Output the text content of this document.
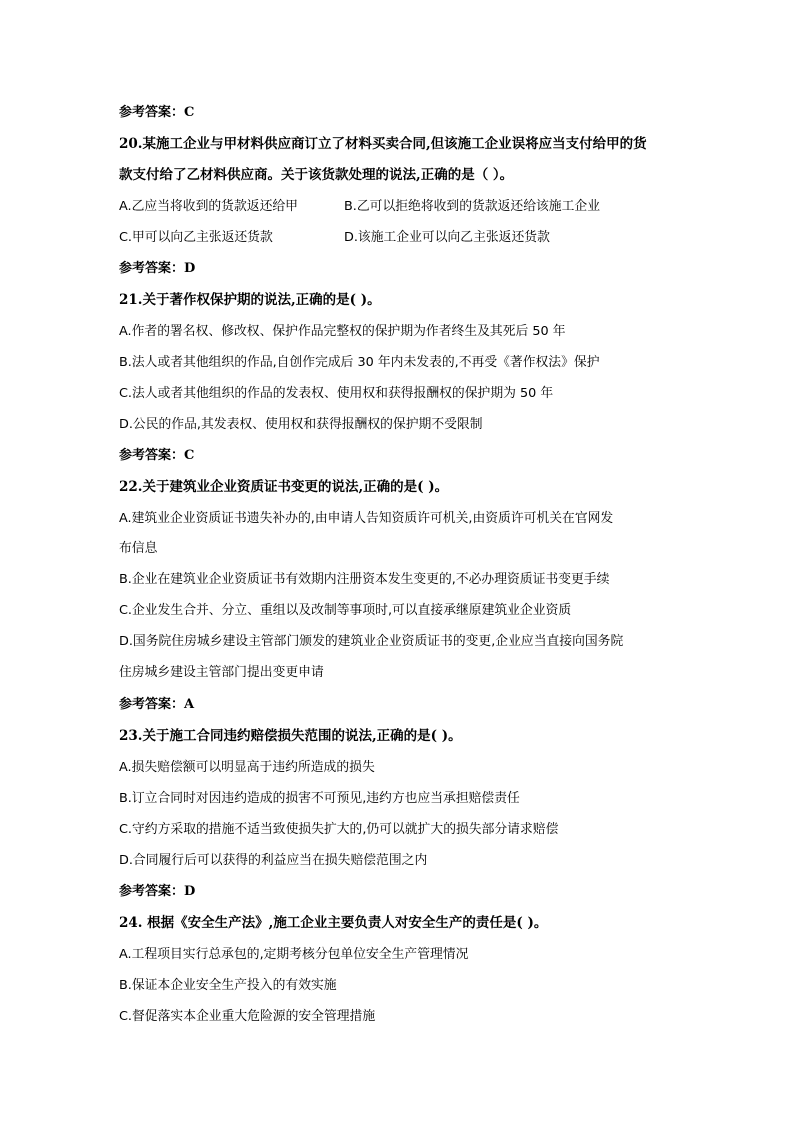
参考答案：C
20.某施工企业与甲材料供应商订立了材料买卖合同,但该施工企业误将应当支付给甲的货
款支付给了乙材料供应商。关于该货款处理的说法,正确的是（ ）。
A.乙应当将收到的货款返还给甲	B.乙可以拒绝将收到的货款返还给该施工企业
C.甲可以向乙主张返还货款	D.该施工企业可以向乙主张返还货款
参考答案：D
21.关于著作权保护期的说法,正确的是( )。
A.作者的署名权、修改权、保护作品完整权的保护期为作者终生及其死后 50 年
B.法人或者其他组织的作品,自创作完成后 30 年内未发表的,不再受《著作权法》保护
C.法人或者其他组织的作品的发表权、使用权和获得报酬权的保护期为 50 年
D.公民的作品,其发表权、使用权和获得报酬权的保护期不受限制
参考答案：C
22.关于建筑业企业资质证书变更的说法,正确的是( )。
A.建筑业企业资质证书遗失补办的,由申请人告知资质许可机关,由资质许可机关在官网发
布信息
B.企业在建筑业企业资质证书有效期内注册资本发生变更的,不必办理资质证书变更手续
C.企业发生合并、分立、重组以及改制等事项时,可以直接承继原建筑业企业资质
D.国务院住房城乡建设主管部门颁发的建筑业企业资质证书的变更,企业应当直接向国务院
住房城乡建设主管部门提出变更申请
参考答案：A
23.关于施工合同违约赔偿损失范围的说法,正确的是( )。
A.损失赔偿额可以明显高于违约所造成的损失
B.订立合同时对因违约造成的损害不可预见,违约方也应当承担赔偿责任
C.守约方采取的措施不适当致使损失扩大的,仍可以就扩大的损失部分请求赔偿
D.合同履行后可以获得的利益应当在损失赔偿范围之内
参考答案：D
24. 根据《安全生产法》,施工企业主要负责人对安全生产的责任是( )。
A.工程项目实行总承包的,定期考核分包单位安全生产管理情况
B.保证本企业安全生产投入的有效实施
C.督促落实本企业重大危险源的安全管理措施
